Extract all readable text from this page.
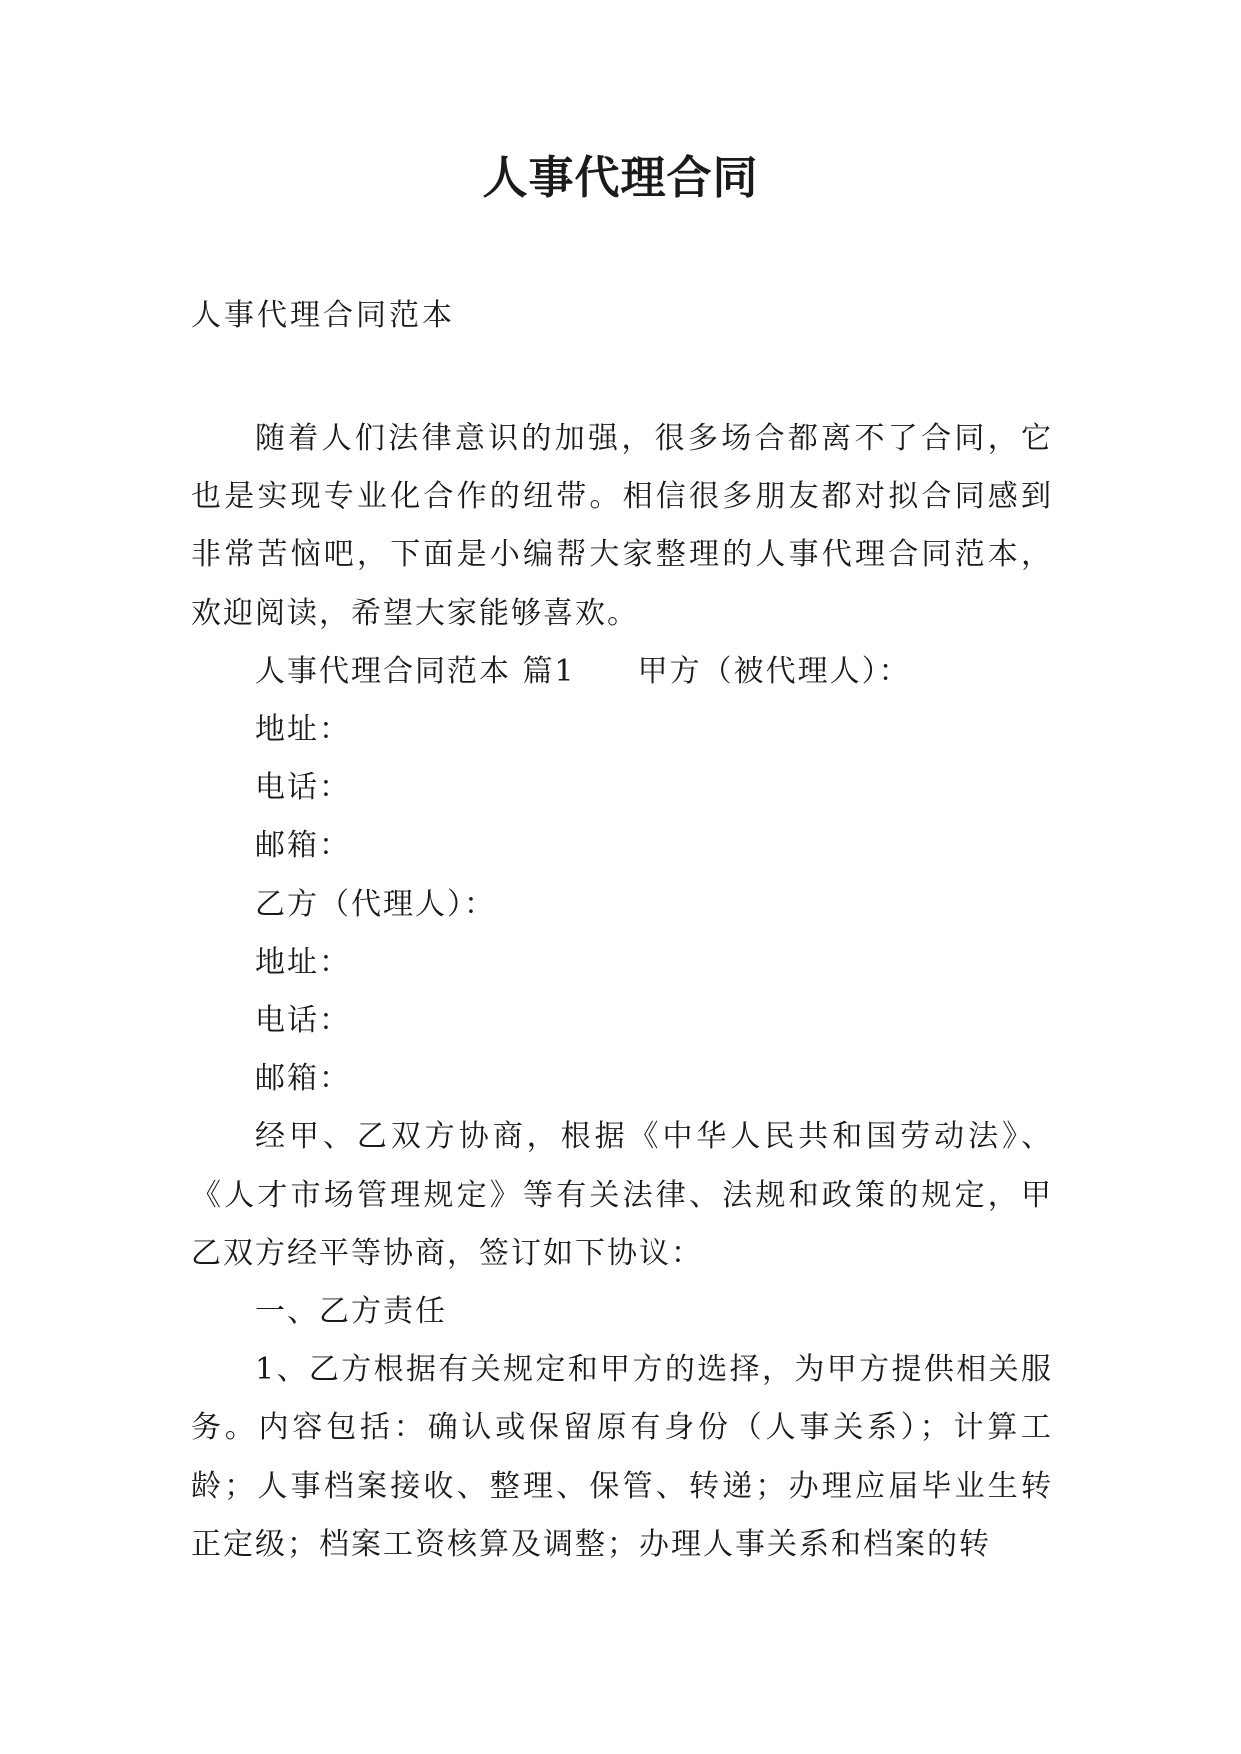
人事代理合同
人事代理合同范本

随着人们法律意识的加强，很多场合都离不了合同，它也是实现专业化合作的纽带。相信很多朋友都对拟合同感到非常苦恼吧，下面是小编帮大家整理的人事代理合同范本，欢迎阅读，希望大家能够喜欢。

人事代理合同范本 篇1 甲方（被代理人）：

地址：

电话：

邮箱：

乙方（代理人）：

地址：

电话：

邮箱：

经甲、乙双方协商，根据《中华人民共和国劳动法》、《人才市场管理规定》等有关法律、法规和政策的规定，甲乙双方经平等协商，签订如下协议：

一、乙方责任

1、乙方根据有关规定和甲方的选择，为甲方提供相关服务。内容包括：确认或保留原有身份（人事关系）；计算工龄；人事档案接收、整理、保管、转递；办理应届毕业生转正定级；档案工资核算及调整；办理人事关系和档案的转
